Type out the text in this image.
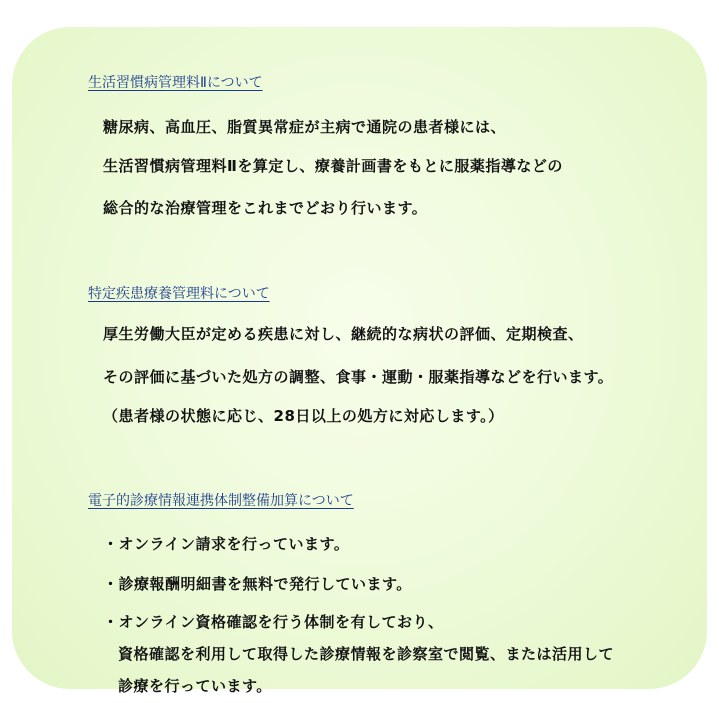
生活習慣病管理料Ⅱについて
糖尿病、高血圧、脂質異常症が主病で通院の患者様には、
生活習慣病管理料Ⅱを算定し、療養計画書をもとに服薬指導などの
総合的な治療管理をこれまでどおり行います。
特定疾患療養管理料について
厚生労働大臣が定める疾患に対し、継続的な病状の評価、定期検査、
その評価に基づいた処方の調整、食事・運動・服薬指導などを行います。
（患者様の状態に応じ、28日以上の処方に対応します。）
電子的診療情報連携体制整備加算について
・オンライン請求を行っています。
・診療報酬明細書を無料で発行しています。
・オンライン資格確認を行う体制を有しており、
資格確認を利用して取得した診療情報を診察室で閲覧、または活用して
診療を行っています。
